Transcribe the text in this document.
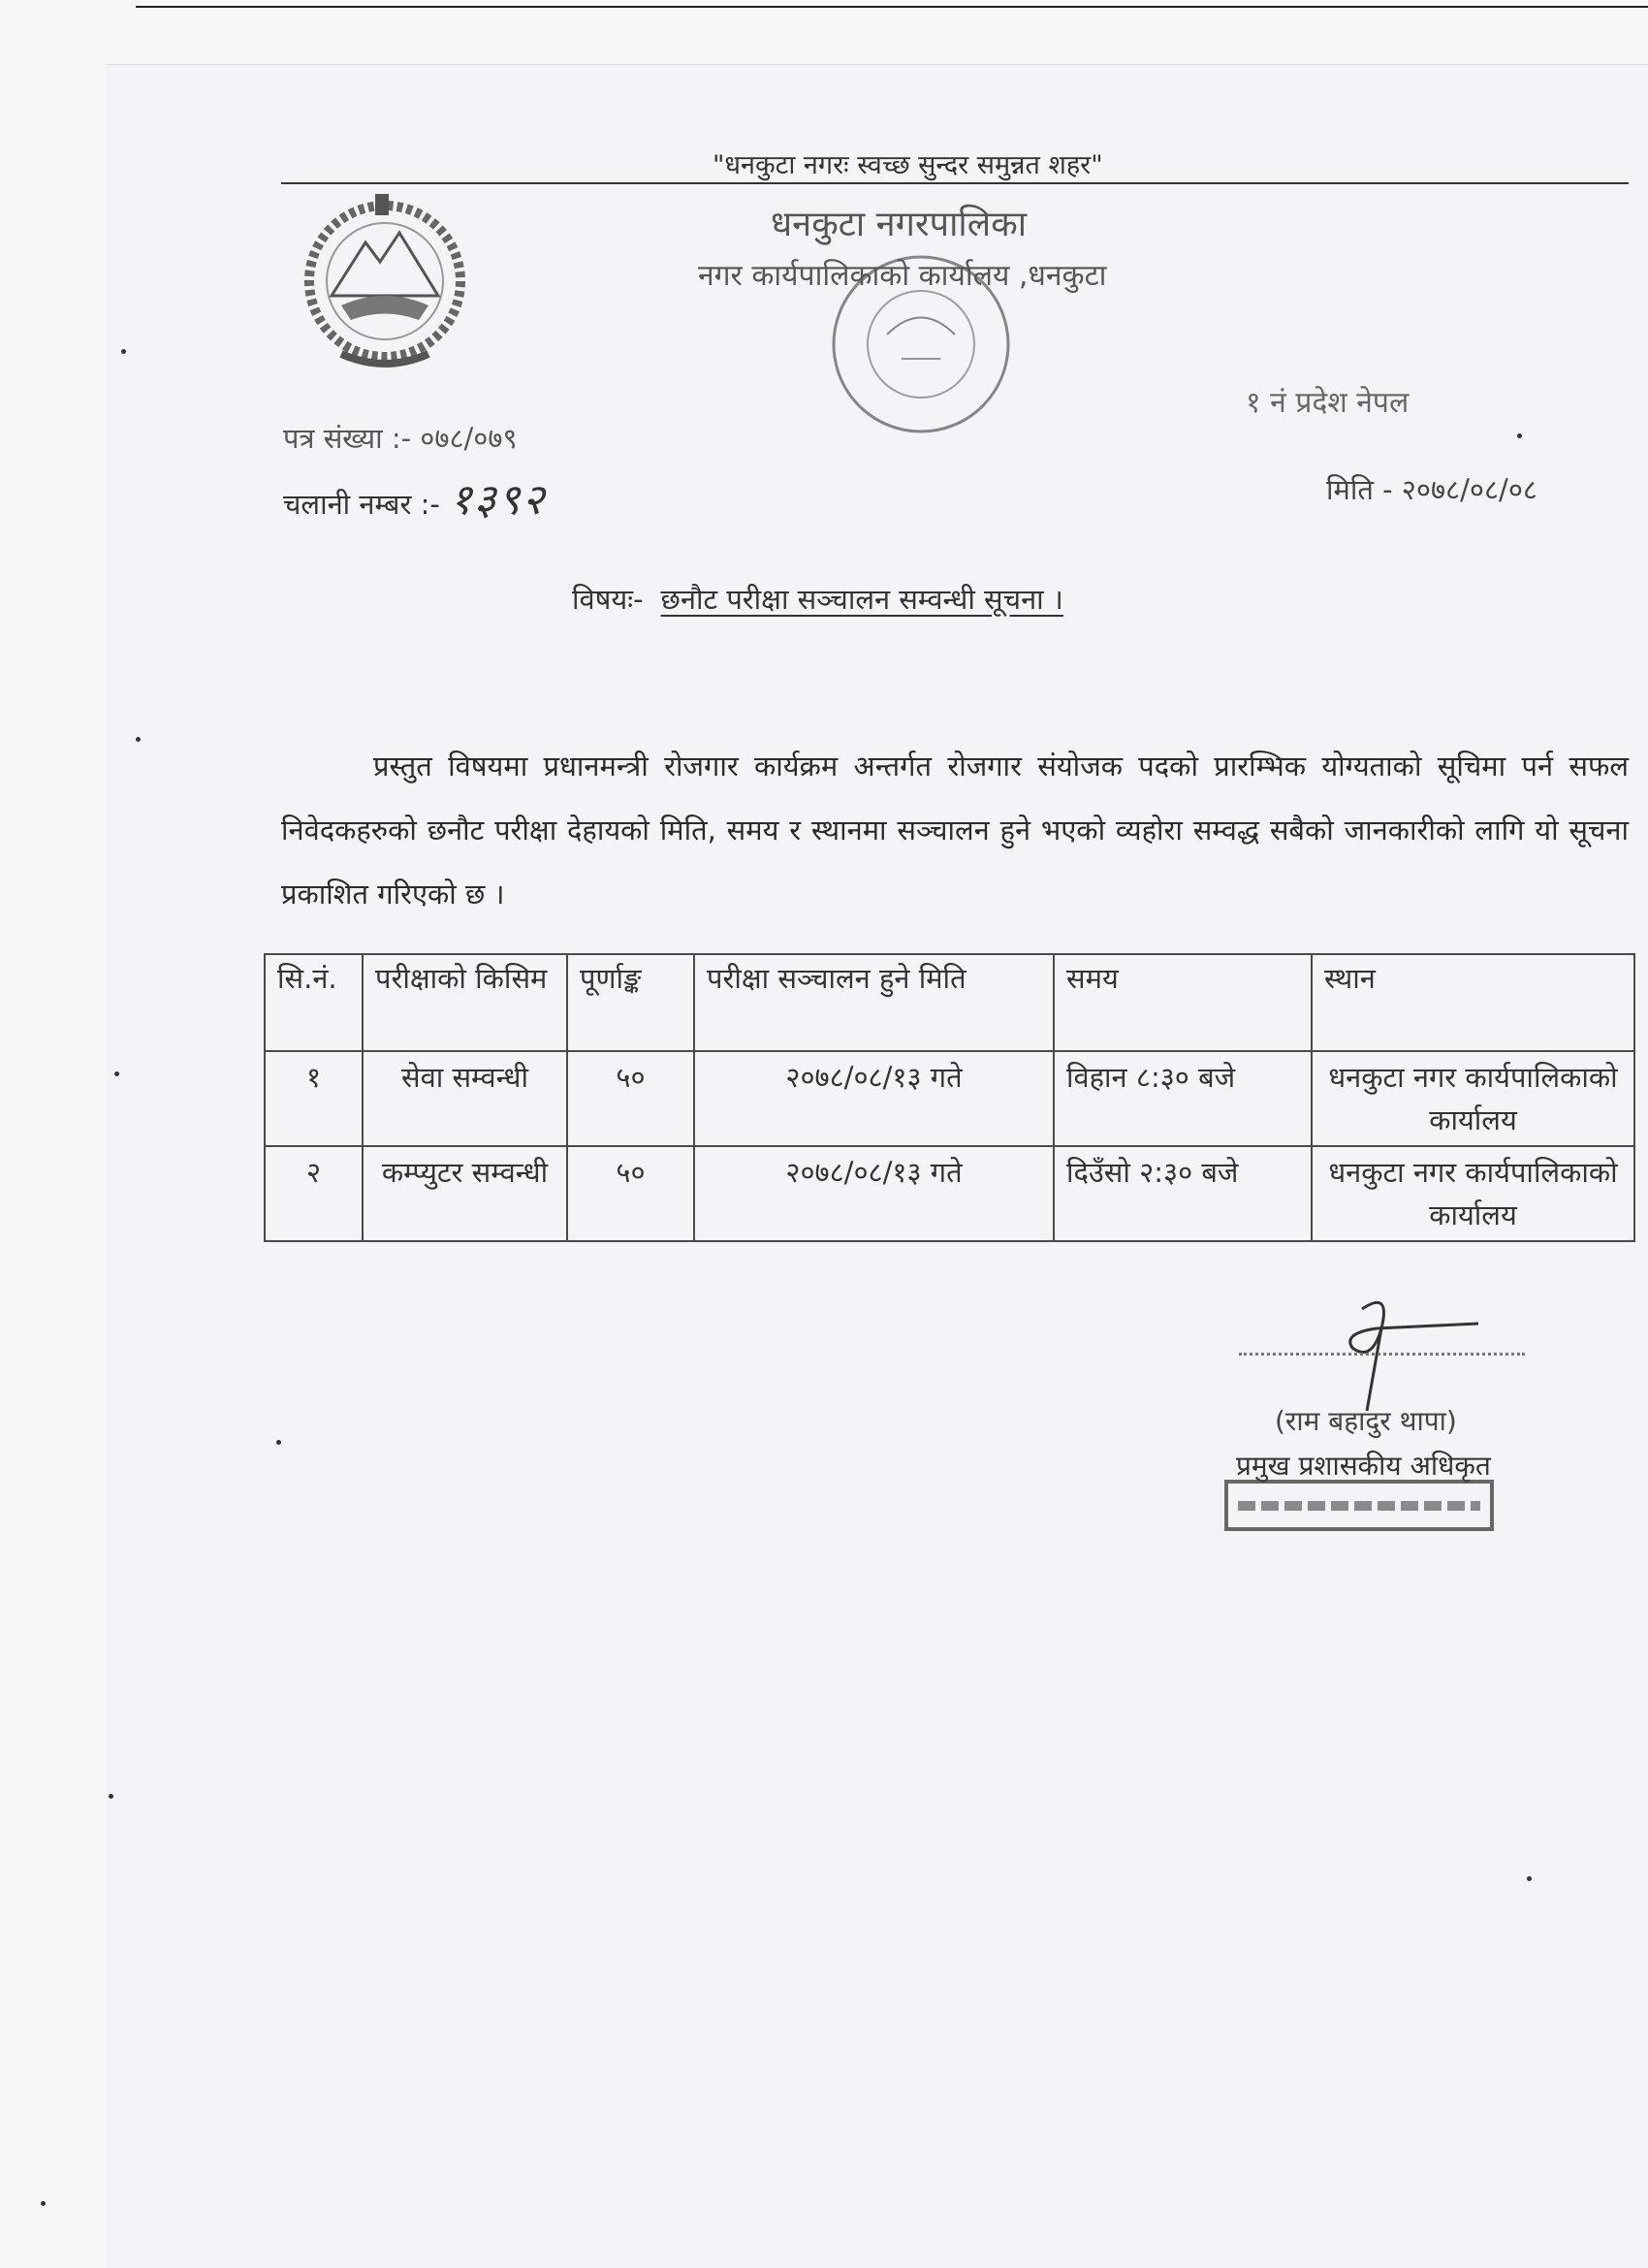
"धनकुटा नगरः स्वच्छ सुन्दर समुन्नत शहर"
धनकुटा नगरपालिका
नगर कार्यपालिकाको कार्यालय ,धनकुटा
१ नं प्रदेश नेपल
पत्र संख्या :- ०७८/०७९
चलानी नम्बर :- १३९२	मिति - २०७८/०८/०८
विषयः- छनौट परीक्षा सञ्चालन सम्वन्धी सूचना ।

प्रस्तुत विषयमा प्रधानमन्त्री रोजगार कार्यक्रम अन्तर्गत रोजगार संयोजक पदको प्रारम्भिक योग्यताको सूचिमा पर्न सफल निवेदकहरुको छनौट परीक्षा देहायको मिति, समय र स्थानमा सञ्चालन हुने भएको व्यहोरा सम्वद्ध सबैको जानकारीको लागि यो सूचना प्रकाशित गरिएको छ ।

सि.नं.	परीक्षाको किसिम	पूर्णाङ्क	परीक्षा सञ्चालन हुने मिति	समय	स्थान
१	सेवा सम्वन्धी	५०	२०७८/०८/१३ गते	विहान ८:३० बजे	धनकुटा नगर कार्यपालिकाको कार्यालय
२	कम्प्युटर सम्वन्धी	५०	२०७८/०८/१३ गते	दिउँसो २:३० बजे	धनकुटा नगर कार्यपालिकाको कार्यालय
(राम बहादुर थापा)
प्रमुख प्रशासकीय अधिकृत
